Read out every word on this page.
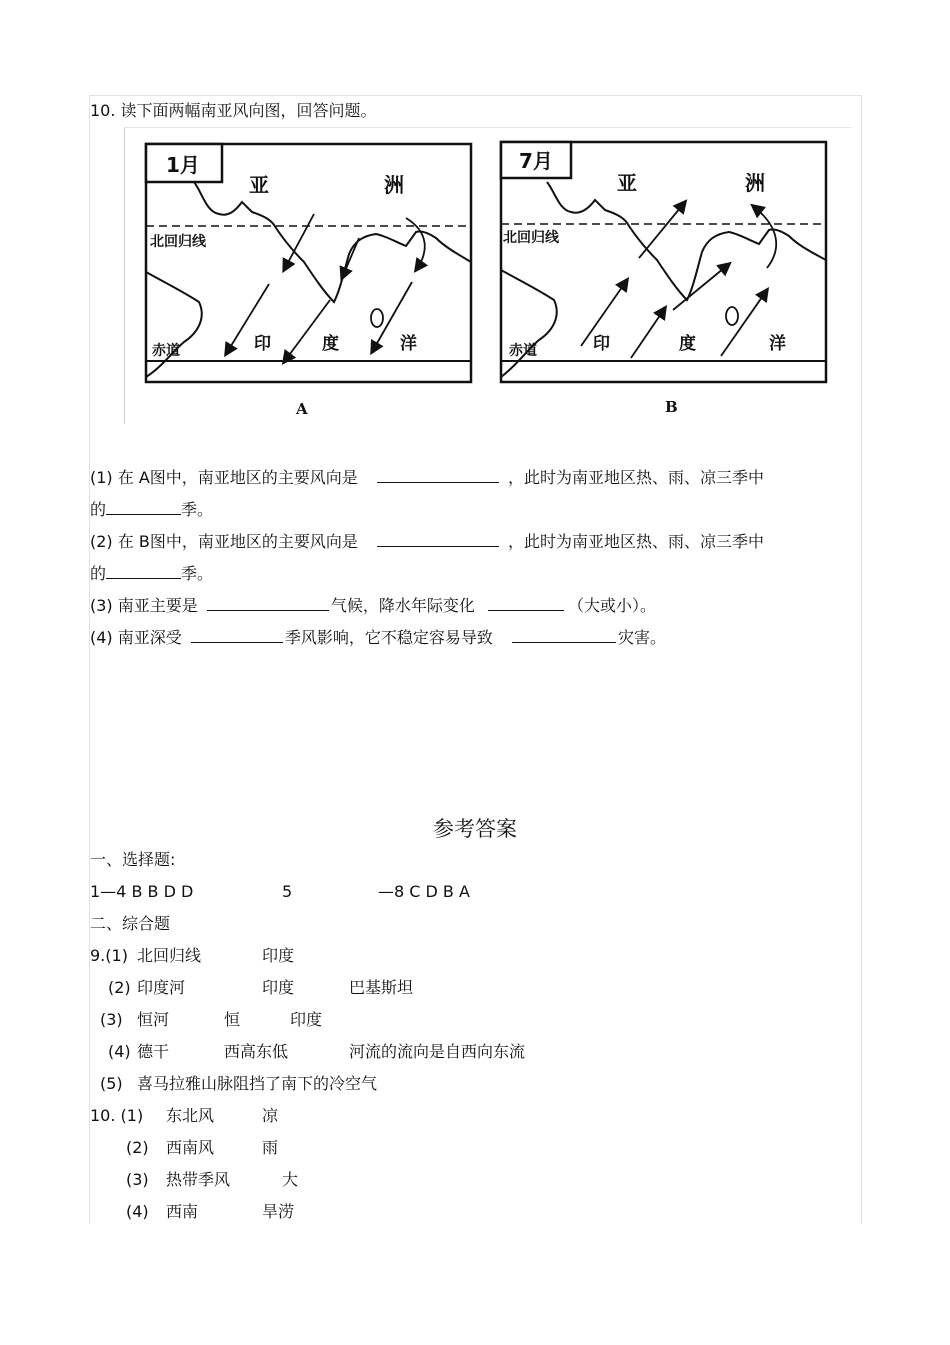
10. 读下面两幅南亚风向图，回答问题。
1月
亚	洲
北回归线
赤道	印	度	洋
A
7月
亚	洲
北回归线
赤道	印	度	洋
B
(1) 在 A图中，南亚地区的主要风向是	，此时为南亚地区热、雨、凉三季中
的	季。
(2) 在 B图中，南亚地区的主要风向是	，此时为南亚地区热、雨、凉三季中
的	季。
(3) 南亚主要是	气候，降水年际变化	（大或小）。
(4) 南亚深受	季风影响，它不稳定容易导致	灾害。
参考答案
一、选择题:
1—4 B B D D	5	—8 C D B A
二、综合题
9.(1) 北回归线	印度
(2) 印度河	印度	巴基斯坦
(3) 恒河	恒	印度
(4) 德干	西高东低	河流的流向是自西向东流
(5) 喜马拉雅山脉阻挡了南下的冷空气
10. (1) 东北风	凉
(2) 西南风	雨
(3) 热带季风	大
(4) 西南	旱涝
